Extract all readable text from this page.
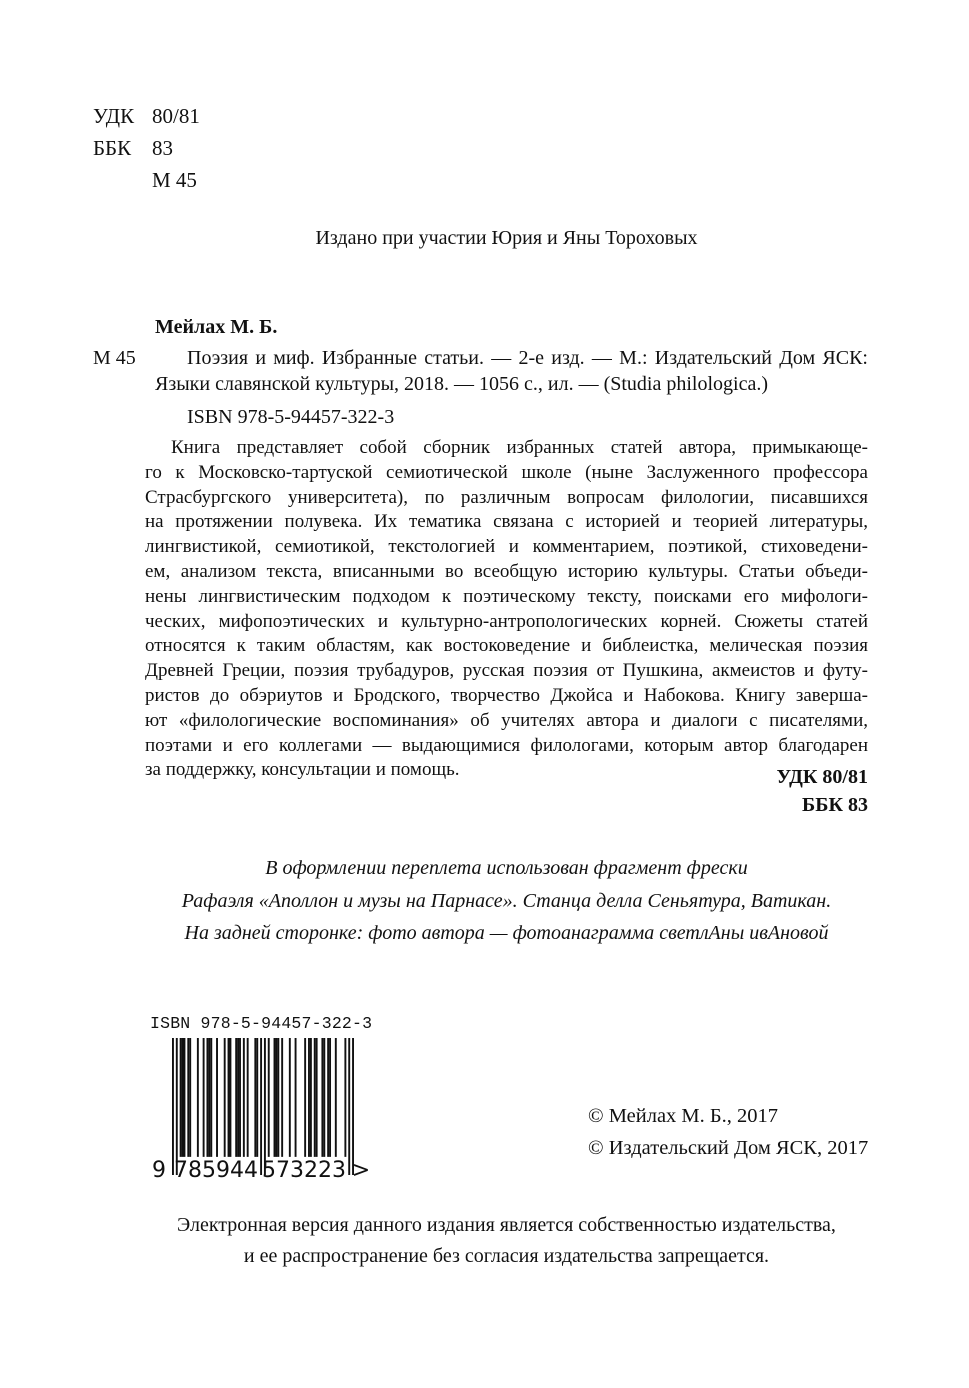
УДК 80/81
ББК 83
М 45
Издано при участии Юрия и Яны Тороховых
Мейлах М. Б.
М 45	Поэзия и миф. Избранные статьи. — 2-е изд. — М.: Издательский Дом ЯСК:
Языки славянской культуры, 2018. — 1056 с., ил. — (Studia philologica.)
ISBN 978-5-94457-322-3
Книга представляет собой сборник избранных статей автора, примыкающе-
го к Московско-тартуской семиотической школе (ныне Заслуженного профессора
Страсбургского университета), по различным вопросам филологии, писавшихся
на протяжении полувека. Их тематика связана с историей и теорией литературы,
лингвистикой, семиотикой, текстологией и комментарием, поэтикой, стиховедени-
ем, анализом текста, вписанными во всеобщую историю культуры. Статьи объеди-
нены лингвистическим подходом к поэтическому тексту, поисками его мифологи-
ческих, мифопоэтических и культурно-антропологических корней. Сюжеты статей
относятся к таким областям, как востоковедение и библеистка, мелическая поэзия
Древней Греции, поэзия трубадуров, русская поэзия от Пушкина, акмеистов и футу-
ристов до обэриутов и Бродского, творчество Джойса и Набокова. Книгу заверша-
ют «филологические воспоминания» об учителях автора и диалоги с писателями,
поэтами и его коллегами — выдающимися филологами, которым автор благодарен
за поддержку, консультации и помощь.	УДК 80/81
ББК 83
В оформлении переплета использован фрагмент фрески
Рафаэля «Аполлон и музы на Парнасе». Станца делла Сеньятура, Ватикан.
На задней сторонке: фото автора — фотоанаграмма светлАны ивАновой
ISBN 978-5-94457-322-3
9 785944 573223 >
© Мейлах М. Б., 2017
© Издательский Дом ЯСК, 2017
Электронная версия данного издания является собственностью издательства,
и ее распространение без согласия издательства запрещается.
